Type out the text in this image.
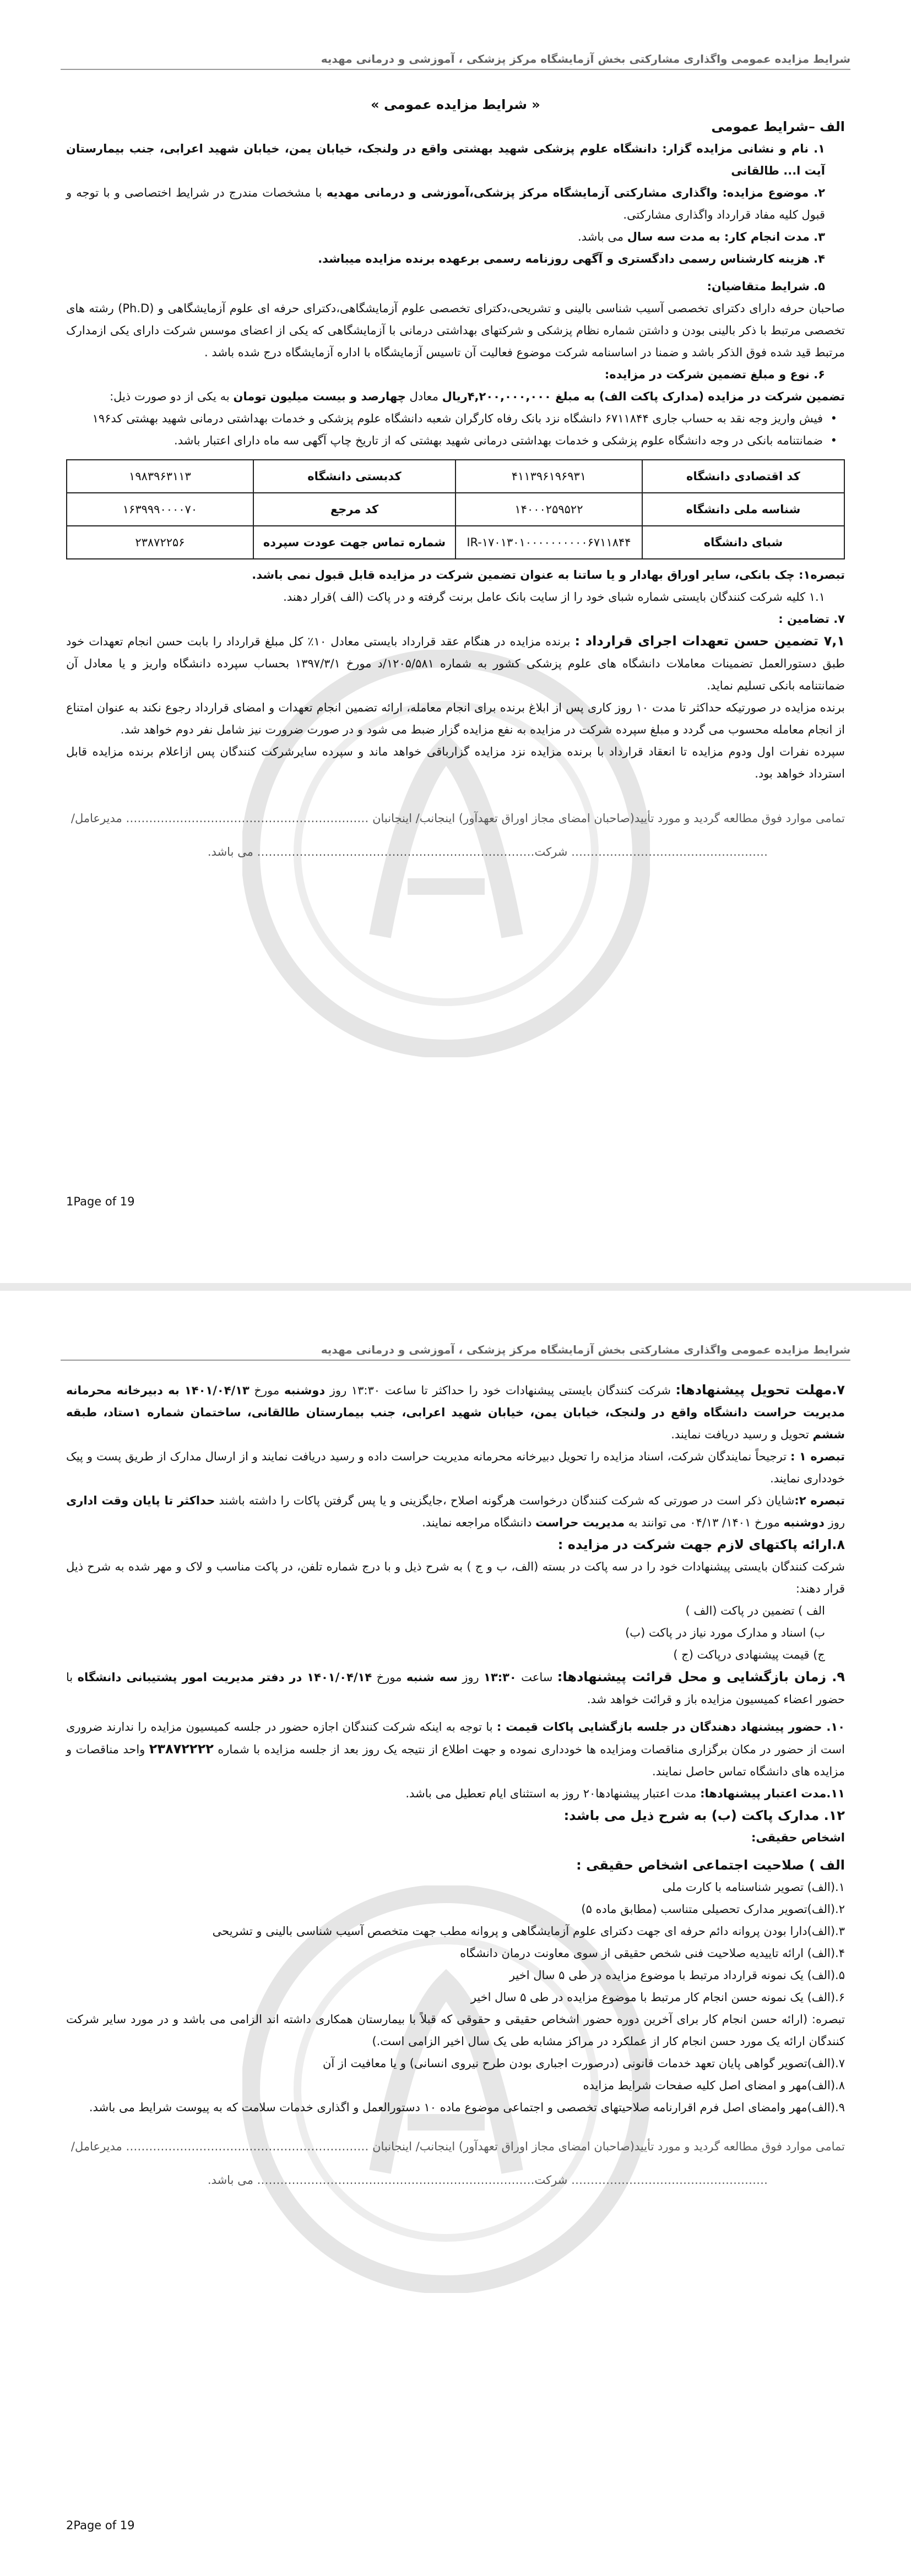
شرایط مزایده عمومی واگذاری مشارکتی بخش آزمایشگاه مرکز پزشکی ، آموزشی و درمانی مهدیه

« شرایط مزایده عمومی »

الف –شرایط عمومی

۱. نام و نشانی مزایده گزار: دانشگاه علوم پزشکی شهید بهشتی واقع در ولنجک، خیابان یمن، خیابان شهید اعرابی، جنب بیمارستان آیت ا... طالقانی

۲. موضوع مزایده: واگذاری مشارکتی آزمایشگاه مرکز پزشکی،آموزشی و درمانی مهدیه با مشخصات مندرج در شرایط اختصاصی و با توجه و قبول کلیه مفاد قرارداد واگذاری مشارکتی.

۳. مدت انجام کار: به مدت سه سال می باشد.

۴. هزینه کارشناس رسمی دادگستری و آگهی روزنامه رسمی برعهده برنده مزایده میباشد.

۵. شرایط متقاضیان:

صاحبان حرفه دارای دکترای تخصصی آسیب شناسی بالینی و تشریحی،دکترای تخصصی علوم آزمایشگاهی،دکترای حرفه ای علوم آزمایشگاهی و (Ph.D) رشته های تخصصی مرتبط با ذکر بالینی بودن و داشتن شماره نظام پزشکی و شرکتهای بهداشتی درمانی با آزمایشگاهی که یکی از اعضای موسس شرکت دارای یکی ازمدارک مرتبط قید شده فوق الذکر باشد و ضمنا در اساسنامه شرکت موضوع فعالیت آن تاسیس آزمایشگاه با اداره آزمایشگاه درج شده باشد .

۶. نوع و مبلغ تضمین شرکت در مزایده:

تضمین شرکت در مزایده (مدارک پاکت الف) به مبلغ ۴,۲۰۰,۰۰۰,۰۰۰ریال معادل چهارصد و بیست میلیون تومان به یکی از دو صورت ذیل:

• فیش واریز وجه نقد به حساب جاری ۶۷۱۱۸۴۴ دانشگاه نزد بانک رفاه کارگران شعبه دانشگاه علوم پزشکی و خدمات بهداشتی درمانی شهید بهشتی کد۱۹۶

• ضمانتنامه بانکی در وجه دانشگاه علوم پزشکی و خدمات بهداشتی درمانی شهید بهشتی که از تاریخ چاپ آگهی سه ماه دارای اعتبار باشد.

کد اقتصادی دانشگاه	۴۱۱۳۹۶۱۹۶۹۳۱	کدبستی دانشگاه	۱۹۸۳۹۶۳۱۱۳
شناسه ملی دانشگاه	۱۴۰۰۰۲۵۹۵۲۲	کد مرجع	۱۶۳۹۹۹۰۰۰۰۷۰
شبای دانشگاه	IR-۱۷۰۱۳۰۱۰۰۰۰۰۰۰۰۰۰۶۷۱۱۸۴۴	شماره تماس جهت عودت سپرده	۲۳۸۷۲۲۵۶

تبصره۱: چک بانکی، سایر اوراق بهادار و یا ساتنا به عنوان تضمین شرکت در مزایده قابل قبول نمی باشد.

۱.۱ کلیه شرکت کنندگان بایستی شماره شبای خود را از سایت بانک عامل برنت گرفته و در پاکت (الف )قرار دهند.

۷. تضامین :

۷,۱ تضمین حسن تعهدات اجرای قرارداد : برنده مزایده در هنگام عقد قرارداد بایستی معادل ۱۰٪ کل مبلغ قرارداد را بابت حسن انجام تعهدات خود طبق دستورالعمل تضمینات معاملات دانشگاه های علوم پزشکی کشور به شماره ۱۲۰۵/۵۸۱/د مورخ ۱۳۹۷/۳/۱ بحساب سپرده دانشگاه واریز و یا معادل آن ضمانتنامه بانکی تسلیم نماید.

برنده مزایده در صورتیکه حداکثر تا مدت ۱۰ روز کاری پس از ابلاغ برنده برای انجام معامله، ارائه تضمین انجام تعهدات و امضای قرارداد رجوع نکند به عنوان امتناع از انجام معامله محسوب می گردد و مبلغ سپرده شرکت در مزایده به نفع مزایده گزار ضبط می شود و در صورت ضرورت نیز شامل نفر دوم خواهد شد.

سپرده نفرات اول ودوم مزایده تا انعقاد قرارداد با برنده مزایده نزد مزایده گزارباقی خواهد ماند و سپرده سایرشرکت کنندگان پس ازاعلام برنده مزایده قابل استرداد خواهد بود.

تمامی موارد فوق مطالعه گردید و مورد تأیید(صاحبان امضای مجاز اوراق تعهدآور) اینجانب/ اینجانبان ……………………………………………………… مدیرعامل/

…………………………………………… شرکت……………………………………………………………… می باشد.

1Page of 19
شرایط مزایده عمومی واگذاری مشارکتی بخش آزمایشگاه مرکز پزشکی ، آموزشی و درمانی مهدیه

۷.مهلت تحویل پیشنهادها: شرکت کنندگان بایستی پیشنهادات خود را حداکثر تا ساعت ۱۳:۳۰ روز دوشنبه مورخ ۱۴۰۱/۰۴/۱۳ به دبیرخانه محرمانه مدیریت حراست دانشگاه واقع در ولنجک، خیابان یمن، خیابان شهید اعرابی، جنب بیمارستان طالقانی، ساختمان شماره ۱ستاد، طبقه ششم تحویل و رسید دریافت نمایند.

تبصره ۱ : ترجیحاً نمایندگان شرکت، اسناد مزایده را تحویل دبیرخانه محرمانه مدیریت حراست داده و رسید دریافت نمایند و از ارسال مدارک از طریق پست و پیک خودداری نمایند.

تبصره ۲:شایان ذکر است در صورتی که شرکت کنندگان درخواست هرگونه اصلاح ،جایگزینی و یا پس گرفتن پاکات را داشته باشند حداکثر تا پایان وقت اداری روز دوشنبه مورخ ۱۴۰۱/ ۰۴/۱۳ می توانند به مدیریت حراست دانشگاه مراجعه نمایند.

۸.ارائه پاکتهای لازم جهت شرکت در مزایده :

شرکت کنندگان بایستی پیشنهادات خود را در سه پاکت در بسته (الف، ب و ج ) به شرح ذیل و با درج شماره تلفن، در پاکت مناسب و لاک و مهر شده به شرح ذیل قرار دهند:

الف ) تضمین در پاکت (الف )

ب) اسناد و مدارک مورد نیاز در پاکت (ب)

ج) قیمت پیشنهادی درپاکت (ج )

۹. زمان بازگشایی و محل قرائت پیشنهادها: ساعت ۱۳:۳۰ روز سه شنبه مورخ ۱۴۰۱/۰۴/۱۴ در دفتر مدیریت امور پشتیبانی دانشگاه با حضور اعضاء کمیسیون مزایده باز و قرائت خواهد شد.

۱۰. حضور پیشنهاد دهندگان در جلسه بازگشایی پاکات قیمت : با توجه به اینکه شرکت کنندگان اجازه حضور در جلسه کمیسیون مزایده را ندارند ضروری است از حضور در مکان برگزاری مناقصات ومزایده ها خودداری نموده و جهت اطلاع از نتیجه یک روز بعد از جلسه مزایده با شماره ۲۳۸۷۲۲۲۲ واحد مناقصات و مزایده های دانشگاه تماس حاصل نمایند.

۱۱.مدت اعتبار پیشنهادها: مدت اعتبار پیشنهادها۲۰ روز به استثنای ایام تعطیل می باشد.

۱۲. مدارک پاکت (ب) به شرح ذیل می باشد:

اشخاص حقیقی:

الف ) صلاحیت اجتماعی اشخاص حقیقی :

۱.(الف) تصویر شناسنامه با کارت ملی

۲.(الف)تصویر مدارک تحصیلی متناسب (مطابق ماده ۵)

۳.(الف)دارا بودن پروانه دائم حرفه ای جهت دکترای علوم آزمایشگاهی و پروانه مطب جهت متخصص آسیب شناسی بالینی و تشریحی

۴.(الف) ارائه تاییدیه صلاحیت فنی شخص حقیقی از سوی معاونت درمان دانشگاه

۵.(الف) یک نمونه قرارداد مرتبط با موضوع مزایده در طی ۵ سال اخیر

۶.(الف) یک نمونه حسن انجام کار مرتبط با موضوع مزایده در طی ۵ سال اخیر

تبصره: (ارائه حسن انجام کار برای آخرین دوره حضور اشخاص حقیقی و حقوقی که قبلاً با بیمارستان همکاری داشته اند الزامی می باشد و در مورد سایر شرکت کنندگان ارائه یک مورد حسن انجام کار از عملکرد در مراکز مشابه طی یک سال اخیر الزامی است.)

۷.(الف)تصویر گواهی پایان تعهد خدمات قانونی (درصورت اجباری بودن طرح نیروی انسانی) و یا معافیت از آن

۸.(الف)مهر و امضای اصل کلیه صفحات شرایط مزایده

۹.(الف)مهر وامضای اصل فرم اقرارنامه صلاحیتهای تخصصی و اجتماعی موضوع ماده ۱۰ دستورالعمل و اگذاری خدمات سلامت که به پیوست شرایط می باشد.

تمامی موارد فوق مطالعه گردید و مورد تأیید(صاحبان امضای مجاز اوراق تعهدآور) اینجانب/ اینجانبان ……………………………………………………… مدیرعامل/

…………………………………………… شرکت……………………………………………………………… می باشد.

2Page of 19
